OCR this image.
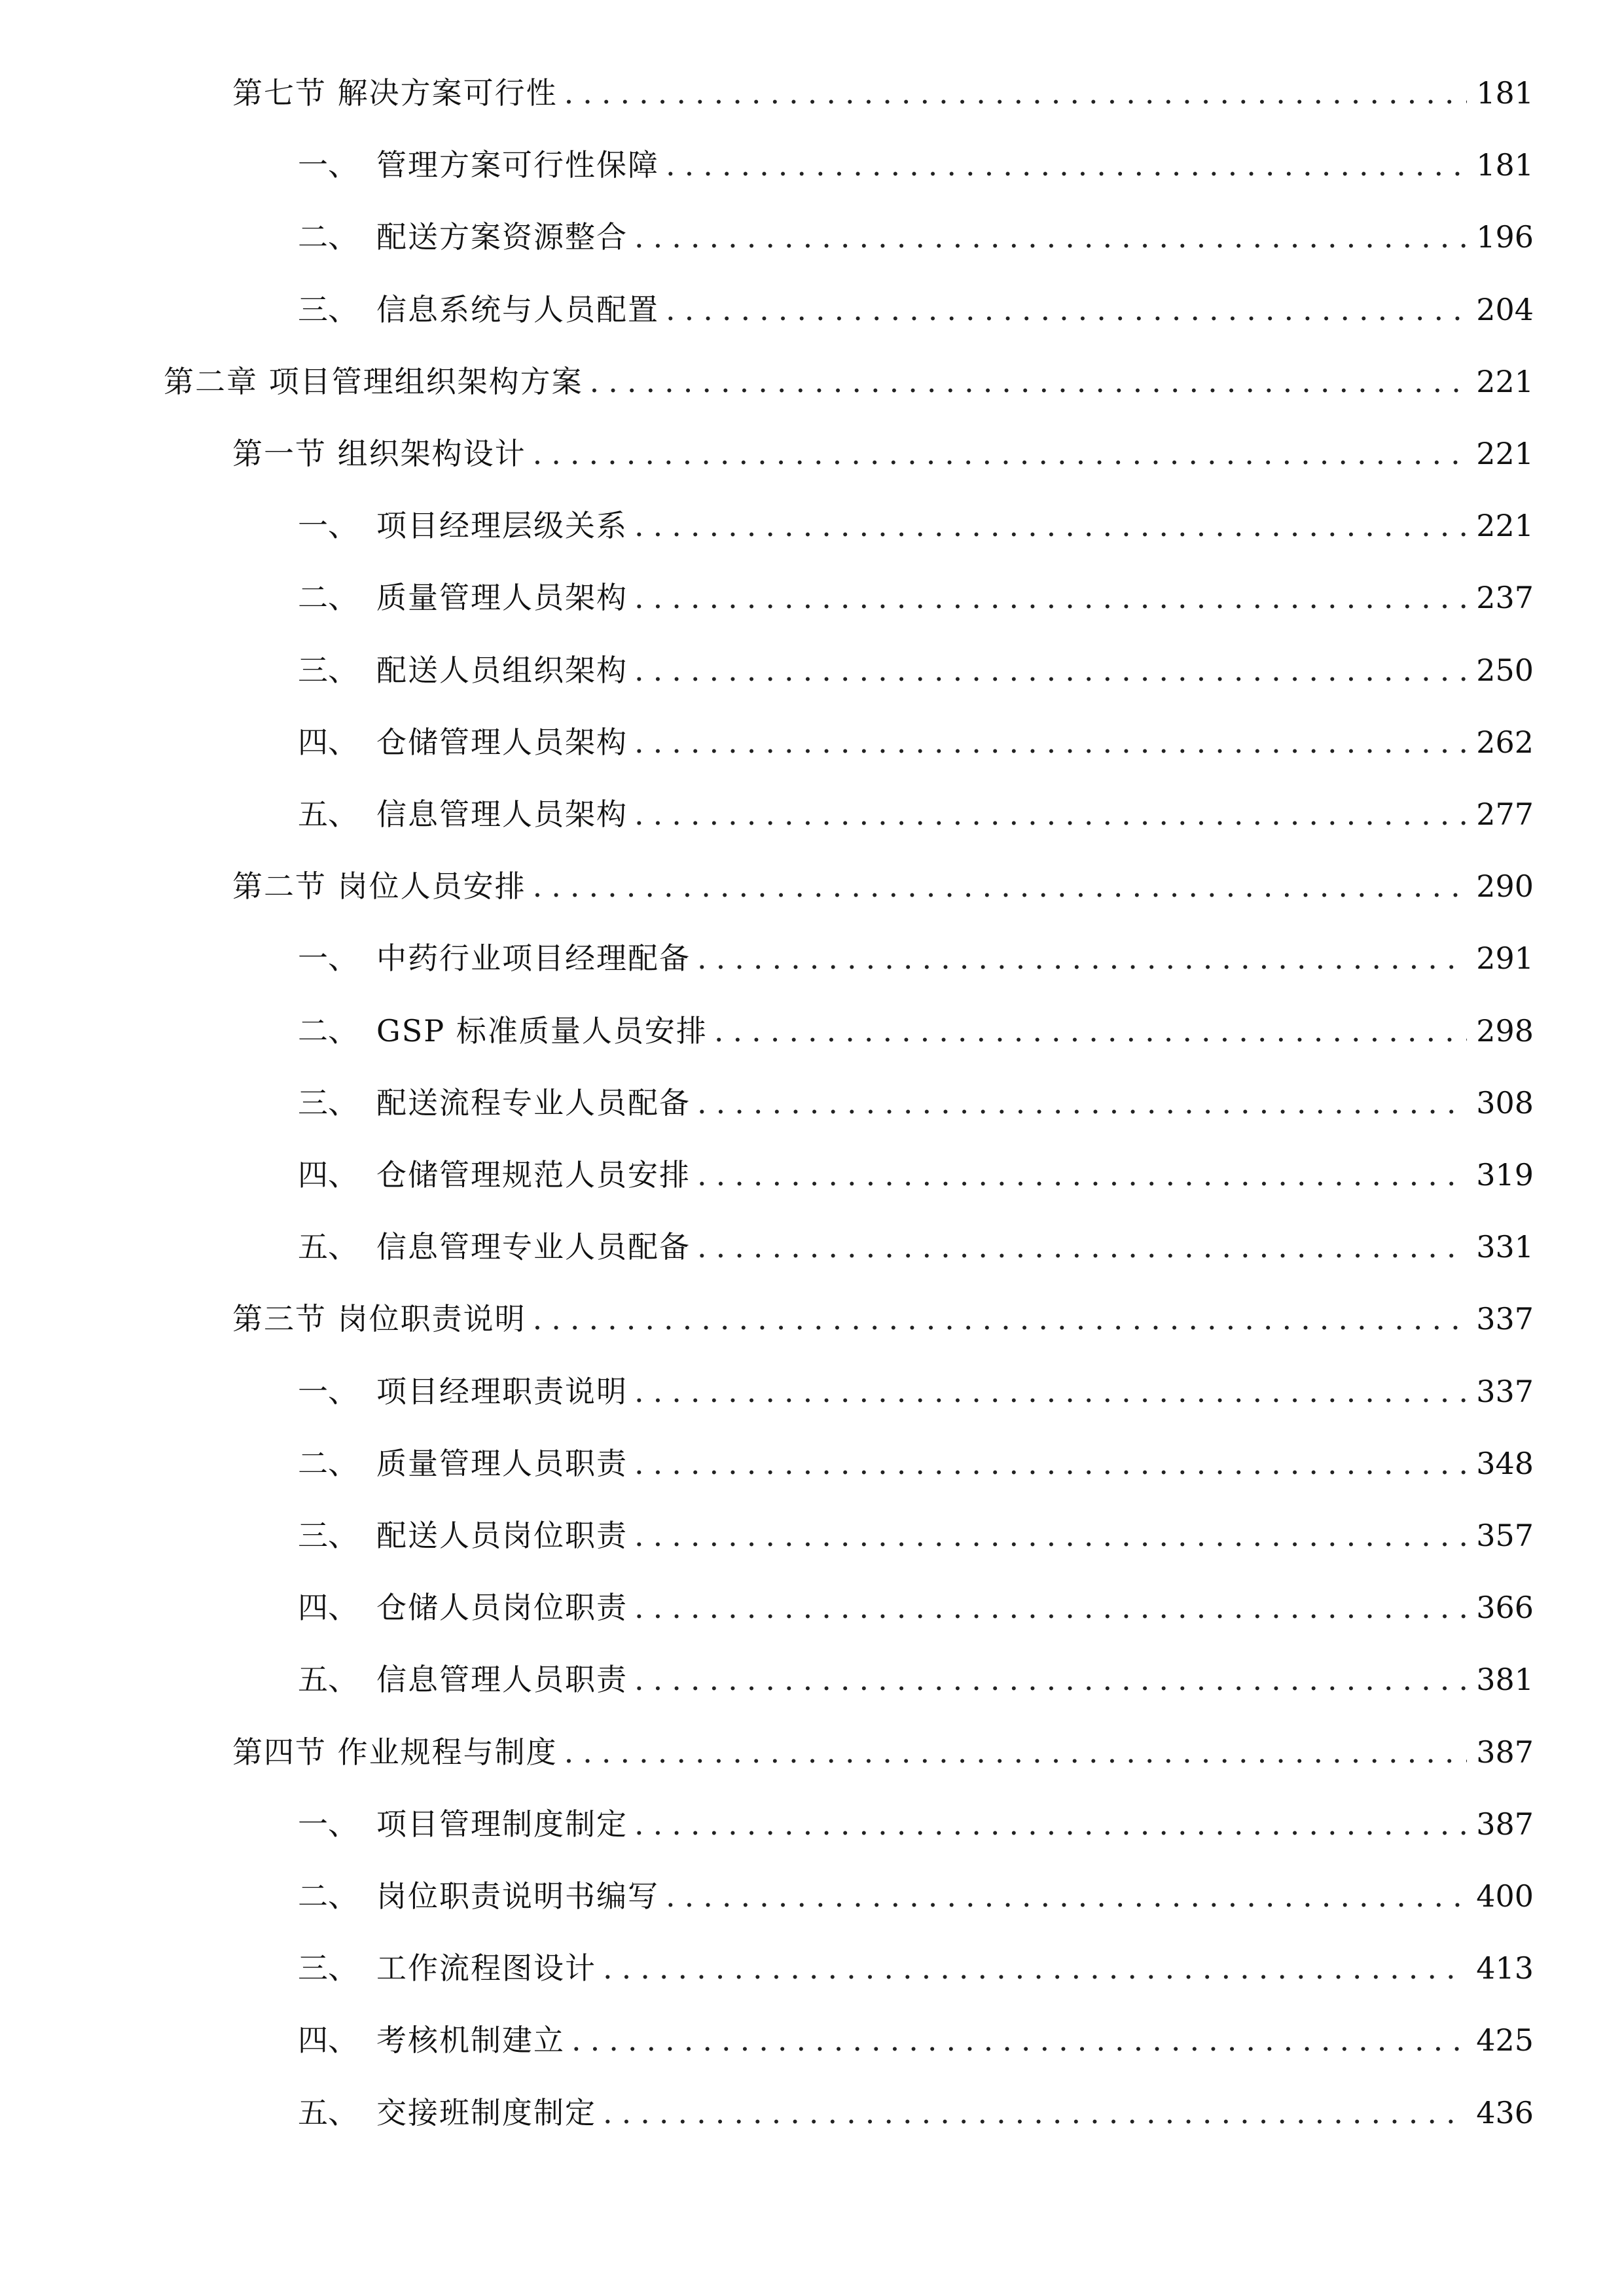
第七节 解决方案可行性 .....	181
一、 管理方案可行性保障 .....	181
二、 配送方案资源整合 .....	196
三、 信息系统与人员配置 .....	204
第二章 项目管理组织架构方案 .....	221
第一节 组织架构设计 .....	221
一、 项目经理层级关系 .....	221
二、 质量管理人员架构 .....	237
三、 配送人员组织架构 .....	250
四、 仓储管理人员架构 .....	262
五、 信息管理人员架构 .....	277
第二节 岗位人员安排 .....	290
一、 中药行业项目经理配备 .....	291
二、 GSP 标准质量人员安排 .....	298
三、 配送流程专业人员配备 .....	308
四、 仓储管理规范人员安排 .....	319
五、 信息管理专业人员配备 .....	331
第三节 岗位职责说明 .....	337
一、 项目经理职责说明 .....	337
二、 质量管理人员职责 .....	348
三、 配送人员岗位职责 .....	357
四、 仓储人员岗位职责 .....	366
五、 信息管理人员职责 .....	381
第四节 作业规程与制度 .....	387
一、 项目管理制度制定 .....	387
二、 岗位职责说明书编写 .....	400
三、 工作流程图设计 .....	413
四、 考核机制建立 .....	425
五、 交接班制度制定 .....	436
